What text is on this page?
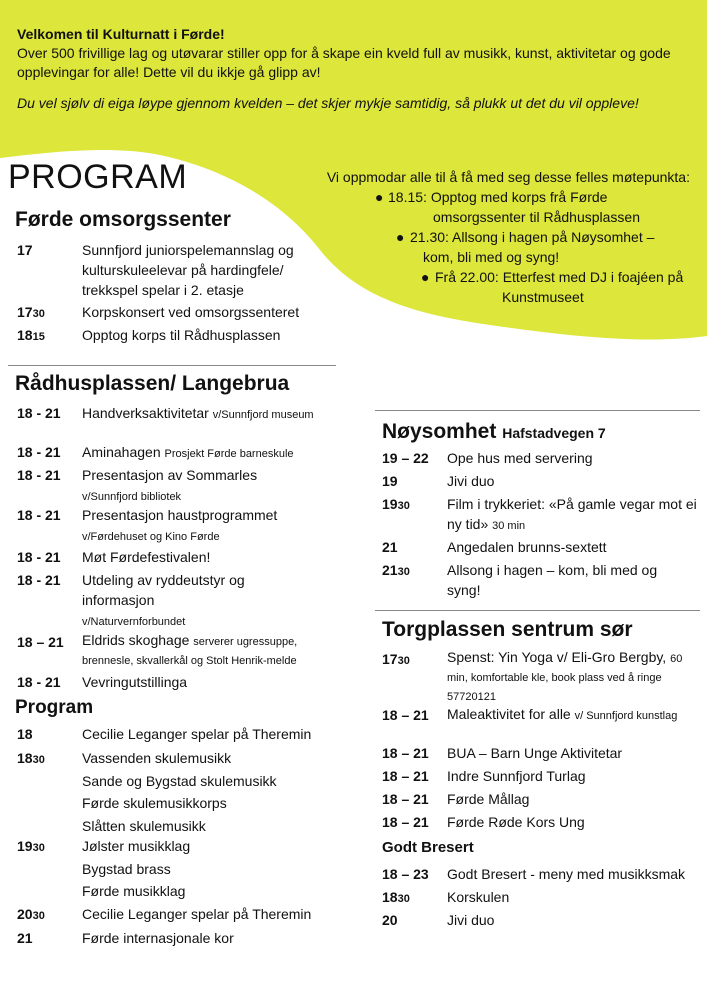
Velkomen til Kulturnatt i Førde!
Over 500 frivillige lag og utøvarar stiller opp for å skape ein kveld full av musikk, kunst, aktivitetar og gode opplevingar for alle! Dette vil du ikkje gå glipp av!
Du vel sjølv di eiga løype gjennom kvelden – det skjer mykje samtidig, så plukk ut det du vil oppleve!
PROGRAM	Vi oppmodar alle til å få med seg desse felles møtepunkta:
● 18.15: Opptog med korps frå Førde
omsorgssenter til Rådhusplassen
● 21.30: Allsong i hagen på Nøysomhet –
kom, bli med og syng!
● Frå 22.00: Etterfest med DJ i foajéen på
Kunstmuseet
Førde omsorgssenter
17	Sunnfjord juniorspelemannslag og kulturskuleelevar på hardingfele/ trekkspel spelar i 2. etasje
1730	Korpskonsert ved omsorgssenteret
1815	Opptog korps til Rådhusplassen
Rådhusplassen/ Langebrua
18 - 21 Handverksaktivitetar v/Sunnfjord museum
18 - 21 Aminahagen Prosjekt Førde barneskule
18 - 21 Presentasjon av Sommarles
v/Sunnfjord bibliotek
18 - 21 Presentasjon haustprogrammet
v/Førdehuset og Kino Førde
18 - 21 Møt Førdefestivalen!
18 - 21 Utdeling av ryddeutstyr og informasjon
v/Naturvernforbundet
18 – 21 Eldrids skoghage serverer ugressuppe, brennesle, skvallerkål og Stolt Henrik-melde
18 - 21 Vevringutstillinga
Program
18	Cecilie Leganger spelar på Theremin
1830	Vassenden skulemusikk
Sande og Bygstad skulemusikk
Førde skulemusikkorps
Slåtten skulemusikk
1930	Jølster musikklag
Bygstad brass
Førde musikklag
2030	Cecilie Leganger spelar på Theremin
21	Førde internasjonale kor
Nøysomhet Hafstadvegen 7
19 – 22 Ope hus med servering
19	Jivi duo
1930	Film i trykkeriet: «På gamle vegar mot ei ny tid» 30 min
21	Angedalen brunns-sextett
2130	Allsong i hagen – kom, bli med og syng!
Torgplassen sentrum sør
1730	Spenst: Yin Yoga v/ Eli-Gro Bergby, 60 min, komfortable kle, book plass ved å ringe 57720121
18 – 21 Maleaktivitet for alle v/ Sunnfjord kunstlag
18 – 21 BUA – Barn Unge Aktivitetar
18 – 21 Indre Sunnfjord Turlag
18 – 21 Førde Mållag
18 – 21 Førde Røde Kors Ung
Godt Bresert
18 – 23 Godt Bresert - meny med musikksmak
1830	Korskulen
20	Jivi duo
